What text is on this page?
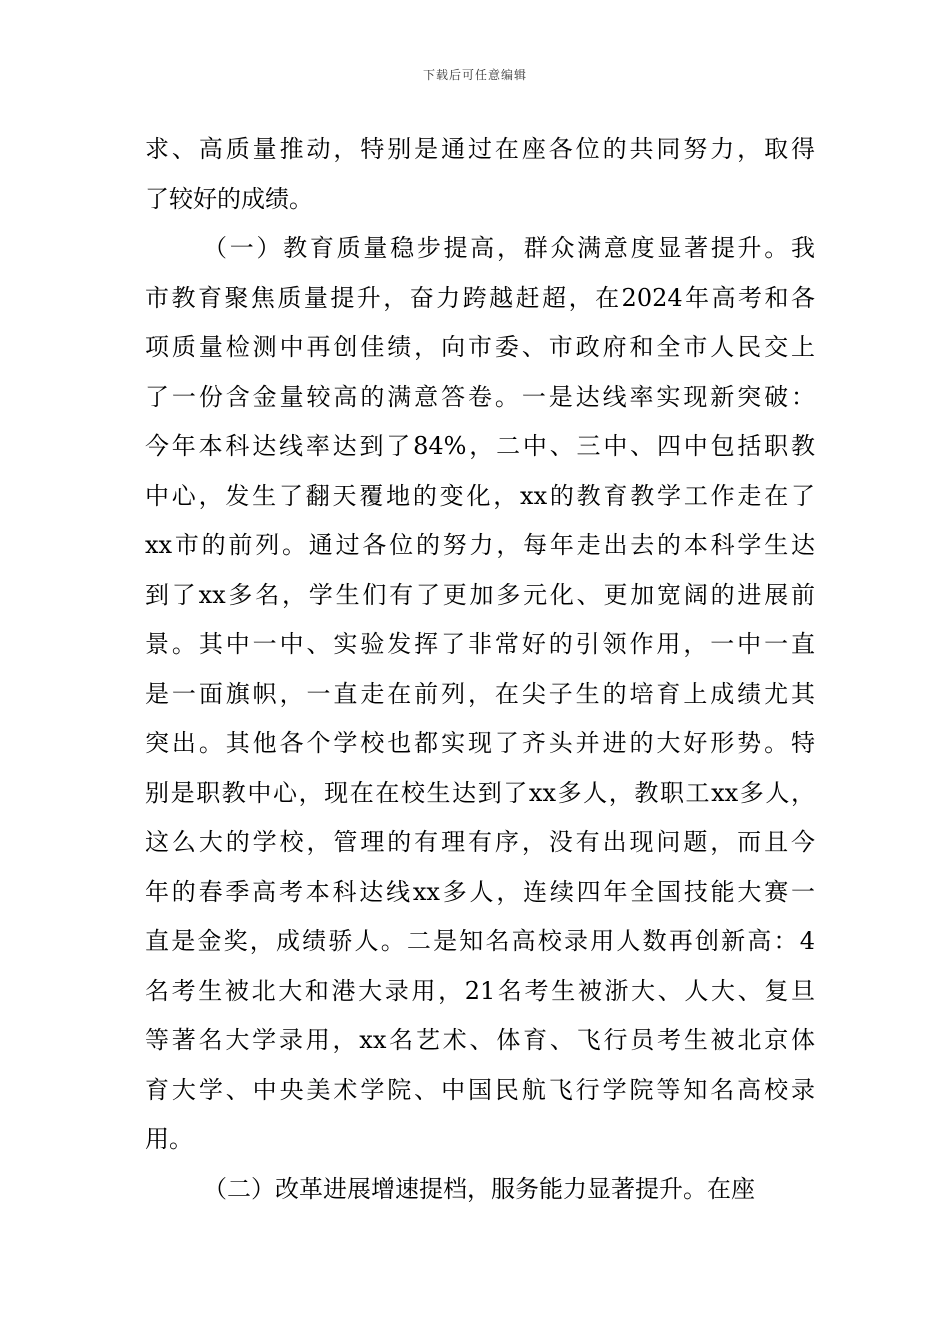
下载后可任意编辑
求、高质量推动，特别是通过在座各位的共同努力，取得
了较好的成绩。
（一）教育质量稳步提高，群众满意度显著提升。我
市教育聚焦质量提升，奋力跨越赶超，在2024年高考和各
项质量检测中再创佳绩，向市委、市政府和全市人民交上
了一份含金量较高的满意答卷。一是达线率实现新突破：
今年本科达线率达到了84%，二中、三中、四中包括职教
中心，发生了翻天覆地的变化，xx的教育教学工作走在了
xx市的前列。通过各位的努力，每年走出去的本科学生达
到了xx多名，学生们有了更加多元化、更加宽阔的进展前
景。其中一中、实验发挥了非常好的引领作用，一中一直
是一面旗帜，一直走在前列，在尖子生的培育上成绩尤其
突出。其他各个学校也都实现了齐头并进的大好形势。特
别是职教中心，现在在校生达到了xx多人，教职工xx多人，
这么大的学校，管理的有理有序，没有出现问题，而且今
年的春季高考本科达线xx多人，连续四年全国技能大赛一
直是金奖，成绩骄人。二是知名高校录用人数再创新高：4
名考生被北大和港大录用，21名考生被浙大、人大、复旦
等著名大学录用，xx名艺术、体育、飞行员考生被北京体
育大学、中央美术学院、中国民航飞行学院等知名高校录
用。
（二）改革进展增速提档，服务能力显著提升。在座
